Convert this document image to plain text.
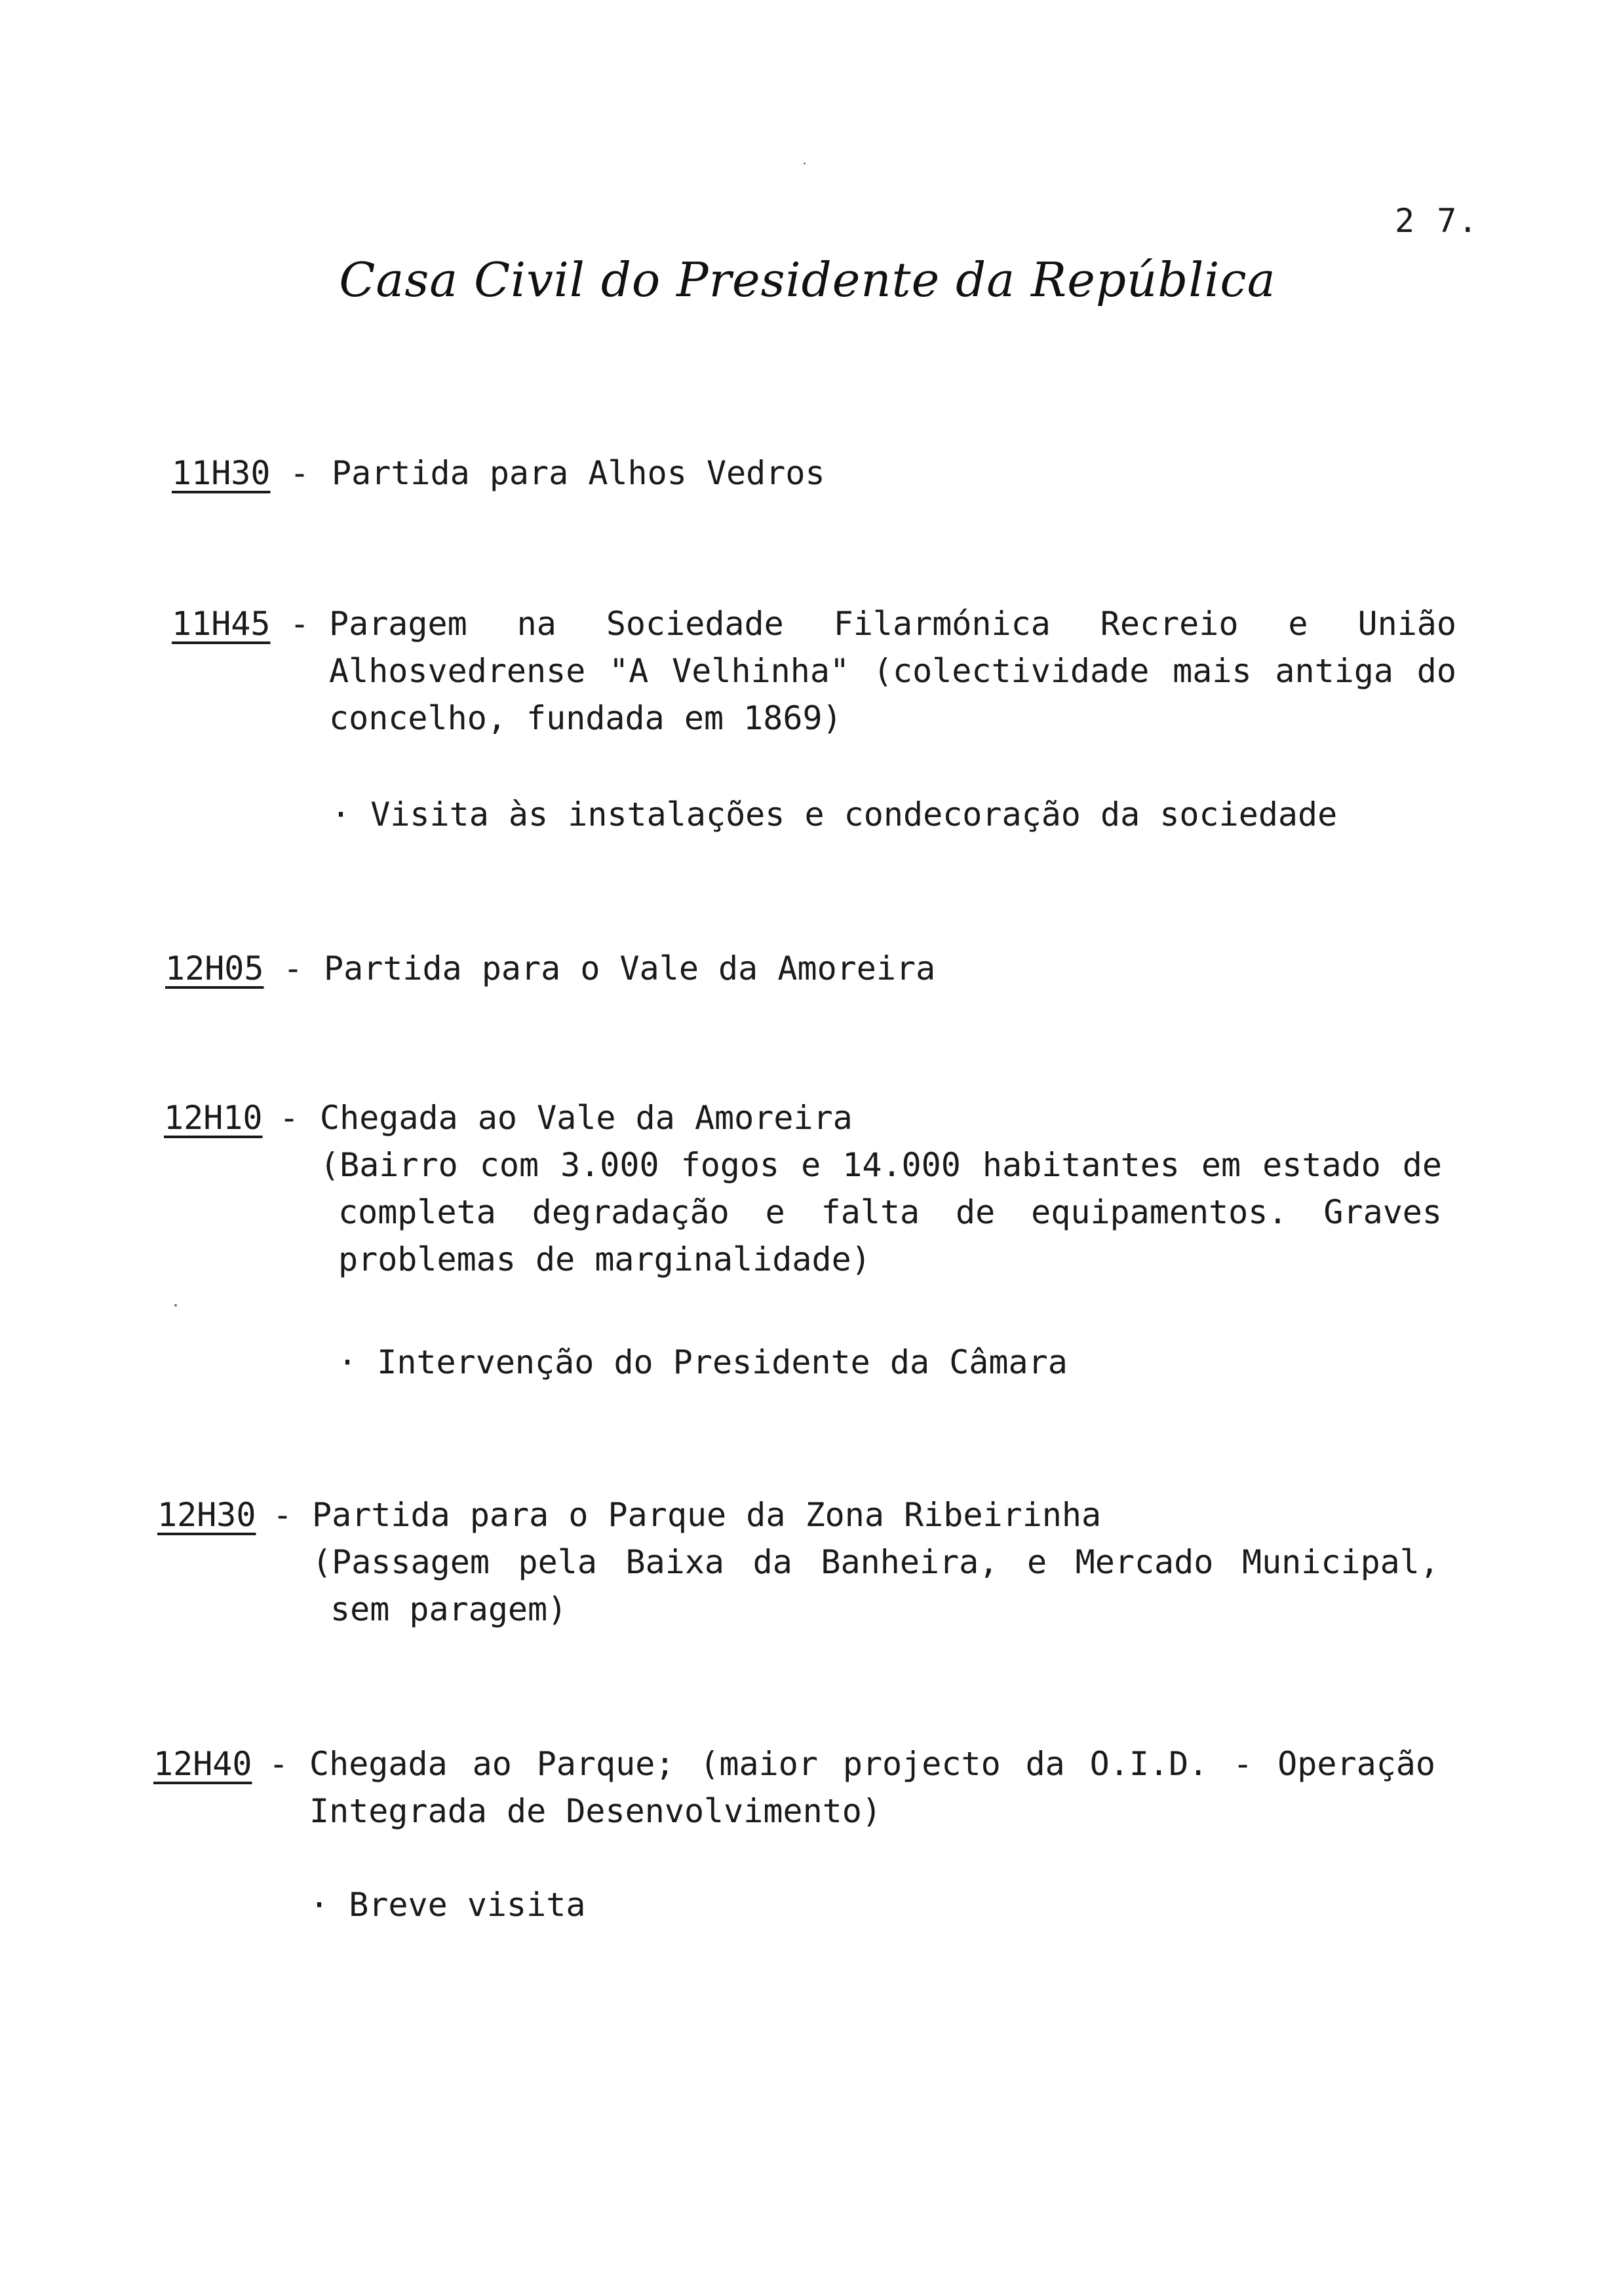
2 7.
Casa Civil do Presidente da República
11H30 - Partida para Alhos Vedros
11H45 - Paragem na Sociedade Filarmónica Recreio e União
Alhosvedrense "A Velhinha" (colectividade mais antiga do
concelho, fundada em 1869)
· Visita às instalações e condecoração da sociedade
12H05 - Partida para o Vale da Amoreira
12H10 - Chegada ao Vale da Amoreira
(Bairro com 3.000 fogos e 14.000 habitantes em estado de
completa degradação e falta de equipamentos. Graves
problemas de marginalidade)
· Intervenção do Presidente da Câmara
12H30 - Partida para o Parque da Zona Ribeirinha
(Passagem pela Baixa da Banheira, e Mercado Municipal,
sem paragem)
12H40 - Chegada ao Parque; (maior projecto da O.I.D. - Operação
Integrada de Desenvolvimento)
· Breve visita
